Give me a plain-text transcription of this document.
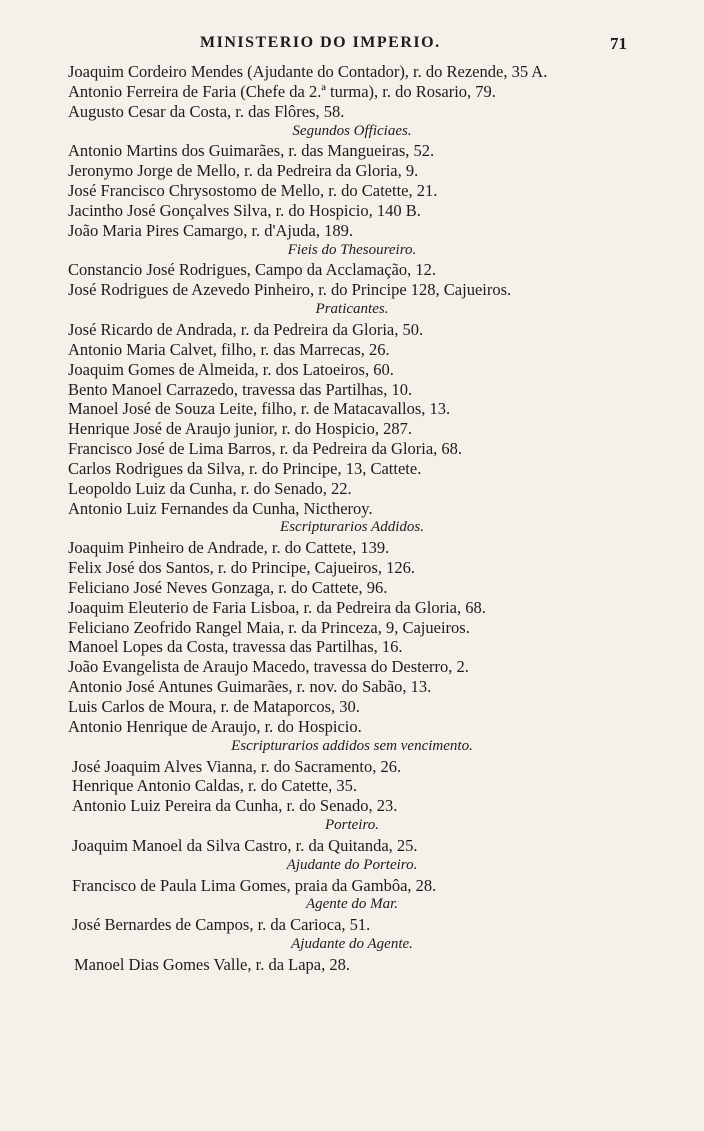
MINISTERIO DO IMPERIO.	71
Joaquim Cordeiro Mendes (Ajudante do Contador), r. do Rezende, 35 A.
Antonio Ferreira de Faria (Chefe da 2.ª turma), r. do Rosario, 79.
Augusto Cesar da Costa, r. das Flôres, 58.
Segundos Officiaes.
Antonio Martins dos Guimarães, r. das Mangueiras, 52.
Jeronymo Jorge de Mello, r. da Pedreira da Gloria, 9.
José Francisco Chrysostomo de Mello, r. do Catette, 21.
Jacintho José Gonçalves Silva, r. do Hospicio, 140 B.
João Maria Pires Camargo, r. d'Ajuda, 189.
Fieis do Thesoureiro.
Constancio José Rodrigues, Campo da Acclamação, 12.
José Rodrigues de Azevedo Pinheiro, r. do Principe 128, Cajueiros.
Praticantes.
José Ricardo de Andrada, r. da Pedreira da Gloria, 50.
Antonio Maria Calvet, filho, r. das Marrecas, 26.
Joaquim Gomes de Almeida, r. dos Latoeiros, 60.
Bento Manoel Carrazedo, travessa das Partilhas, 10.
Manoel José de Souza Leite, filho, r. de Matacavallos, 13.
Henrique José de Araujo junior, r. do Hospicio, 287.
Francisco José de Lima Barros, r. da Pedreira da Gloria, 68.
Carlos Rodrigues da Silva, r. do Principe, 13, Cattete.
Leopoldo Luiz da Cunha, r. do Senado, 22.
Antonio Luiz Fernandes da Cunha, Nictheroy.
Escripturarios Addidos.
Joaquim Pinheiro de Andrade, r. do Cattete, 139.
Felix José dos Santos, r. do Principe, Cajueiros, 126.
Feliciano José Neves Gonzaga, r. do Cattete, 96.
Joaquim Eleuterio de Faria Lisboa, r. da Pedreira da Gloria, 68.
Feliciano Zeofrido Rangel Maia, r. da Princeza, 9, Cajueiros.
Manoel Lopes da Costa, travessa das Partilhas, 16.
João Evangelista de Araujo Macedo, travessa do Desterro, 2.
Antonio José Antunes Guimarães, r. nov. do Sabão, 13.
Luis Carlos de Moura, r. de Mataporcos, 30.
Antonio Henrique de Araujo, r. do Hospicio.
Escripturarios addidos sem vencimento.
José Joaquim Alves Vianna, r. do Sacramento, 26.
Henrique Antonio Caldas, r. do Catette, 35.
Antonio Luiz Pereira da Cunha, r. do Senado, 23.
Porteiro.
Joaquim Manoel da Silva Castro, r. da Quitanda, 25.
Ajudante do Porteiro.
Francisco de Paula Lima Gomes, praia da Gambôa, 28.
Agente do Mar.
José Bernardes de Campos, r. da Carioca, 51.
Ajudante do Agente.
Manoel Dias Gomes Valle, r. da Lapa, 28.
